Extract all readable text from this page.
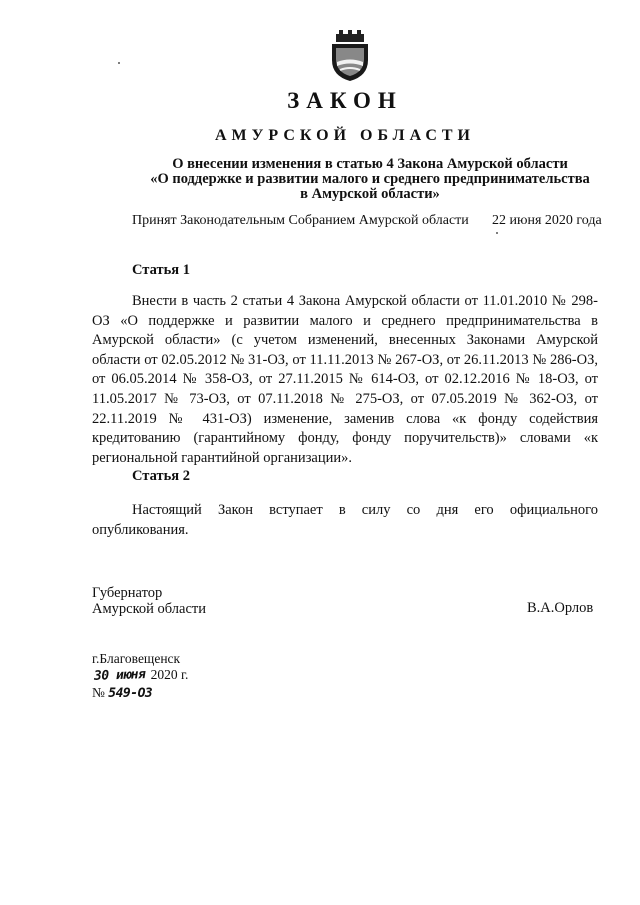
ЗАКОН
АМУРСКОЙ ОБЛАСТИ
О внесении изменения в статью 4 Закона Амурской области
«О поддержке и развитии малого и среднего предпринимательства
в Амурской области»
Принят Законодательным Собранием Амурской области 22 июня 2020 года
Статья 1
Внести в часть 2 статьи 4 Закона Амурской области от 11.01.2010 № 298-ОЗ «О поддержке и развитии малого и среднего предпринимательства в Амурской области» (с учетом изменений, внесенных Законами Амурской области от 02.05.2012 № 31-ОЗ, от 11.11.2013 № 267-ОЗ, от 26.11.2013 № 286-ОЗ, от 06.05.2014 № 358-ОЗ, от 27.11.2015 № 614-ОЗ, от 02.12.2016 № 18-ОЗ, от 11.05.2017 № 73-ОЗ, от 07.11.2018 № 275-ОЗ, от 07.05.2019 № 362-ОЗ, от 22.11.2019 № 431-ОЗ) изменение, заменив слова «к фонду содействия кредитованию (гарантийному фонду, фонду поручительств)» словами «к региональной гарантийной организации».
Статья 2
Настоящий Закон вступает в силу со дня его официального опубликования.
Губернатор
Амурской области	В.А.Орлов
г.Благовещенск
30 июня 2020 г.
№ 549-ОЗ
